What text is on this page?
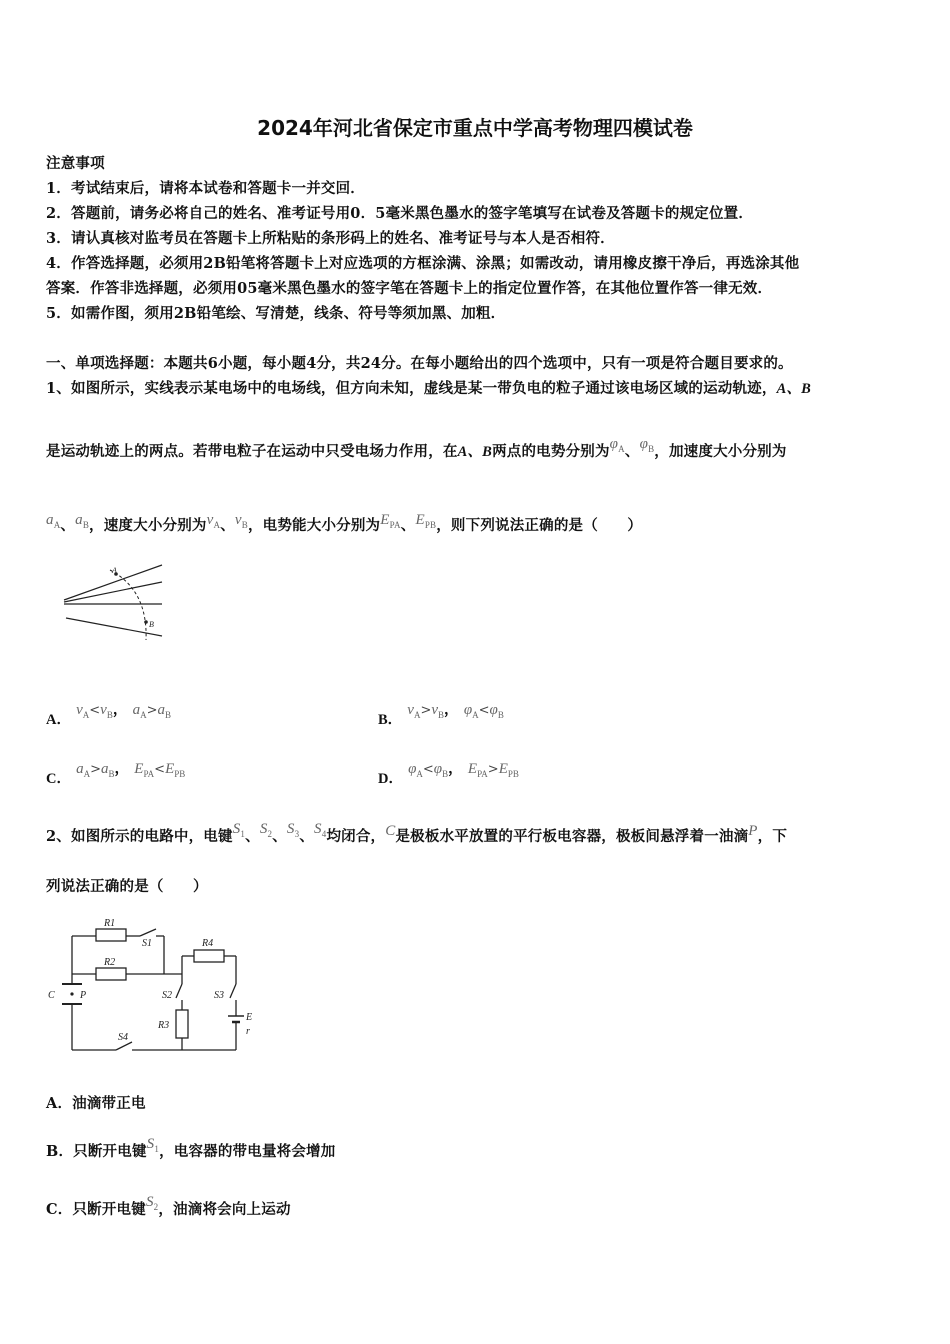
2024年河北省保定市重点中学高考物理四模试卷
注意事项
1．考试结束后，请将本试卷和答题卡一并交回．
2．答题前，请务必将自己的姓名、准考证号用0．5毫米黑色墨水的签字笔填写在试卷及答题卡的规定位置．
3．请认真核对监考员在答题卡上所粘贴的条形码上的姓名、准考证号与本人是否相符．
4．作答选择题，必须用2B铅笔将答题卡上对应选项的方框涂满、涂黑；如需改动，请用橡皮擦干净后，再选涂其他
答案．作答非选择题，必须用05毫米黑色墨水的签字笔在答题卡上的指定位置作答，在其他位置作答一律无效．
5．如需作图，须用2B铅笔绘、写清楚，线条、符号等须加黑、加粗．
一、单项选择题：本题共6小题，每小题4分，共24分。在每小题给出的四个选项中，只有一项是符合题目要求的。
1、如图所示，实线表示某电场中的电场线，但方向未知，虚线是某一带负电的粒子通过该电场区域的运动轨迹，A、B
是运动轨迹上的两点。若带电粒子在运动中只受电场力作用，在A、B两点的电势分别为$\varphi_A$、$\varphi_B$，加速度大小分别为
$a_A$、$a_B$，速度大小分别为$v_A$、$v_B$，电势能大小分别为$E_{PA}$、$E_{PB}$，则下列说法正确的是（　　）
A
B
A． $v_A<v_B$， $a_A>a_B$	B． $v_A>v_B$， $\varphi_A<\varphi_B$
C． $a_A>a_B$， $E_{PA}<E_{PB}$	D． $\varphi_A<\varphi_B$， $E_{PA}>E_{PB}$
2、如图所示的电路中，电键$S_1$、$S_2$、$S_3$、$S_4$均闭合，C是极板水平放置的平行板电容器，极板间悬浮着一油滴P，下
列说法正确的是（　　）
R1
R2
S1	R4
S2	S3
R3
S4
C	P
E
r
A．油滴带正电
B．只断开电键$S_1$，电容器的带电量将会增加
C．只断开电键$S_2$，油滴将会向上运动
